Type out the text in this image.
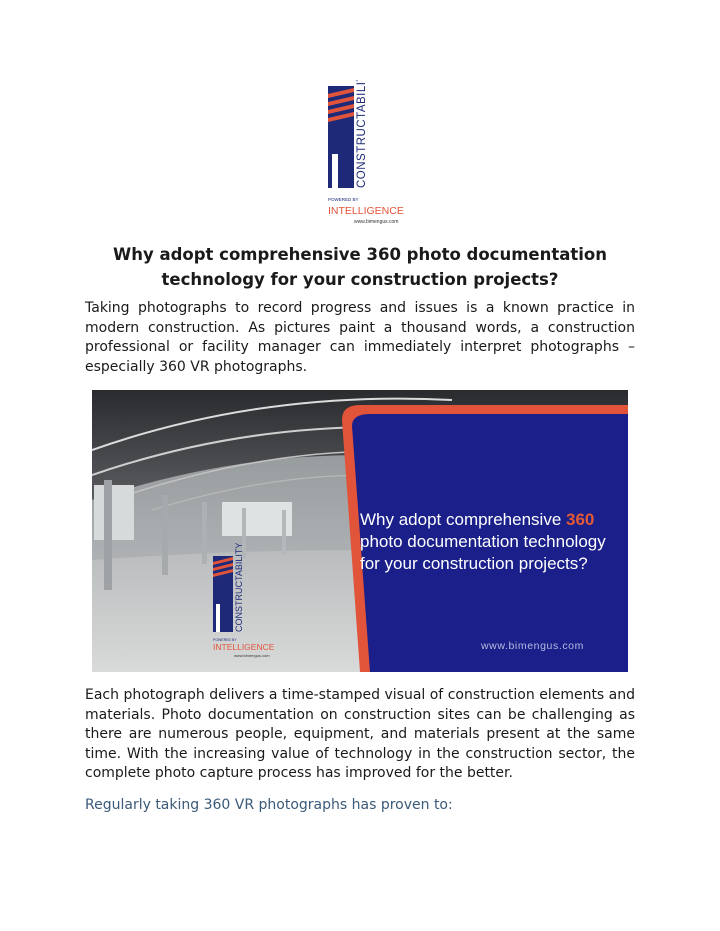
CONSTRUCTABILITY
POWERED BY
INTELLIGENCE
www.bimengus.com
Why adopt comprehensive 360 photo documentation
technology for your construction projects?

Taking photographs to record progress and issues is a known practice in modern construction. As pictures paint a thousand words, a construction professional or facility manager can immediately interpret photographs – especially 360 VR photographs.

CONSTRUCTABILITY
POWERED BY
INTELLIGENCE
www.bimengus.com
Why adopt comprehensive 360
photo documentation technology
for your construction projects?
www.bimengus.com

Each photograph delivers a time-stamped visual of construction elements and materials. Photo documentation on construction sites can be challenging as there are numerous people, equipment, and materials present at the same time. With the increasing value of technology in the construction sector, the complete photo capture process has improved for the better.

Regularly taking 360 VR photographs has proven to:
